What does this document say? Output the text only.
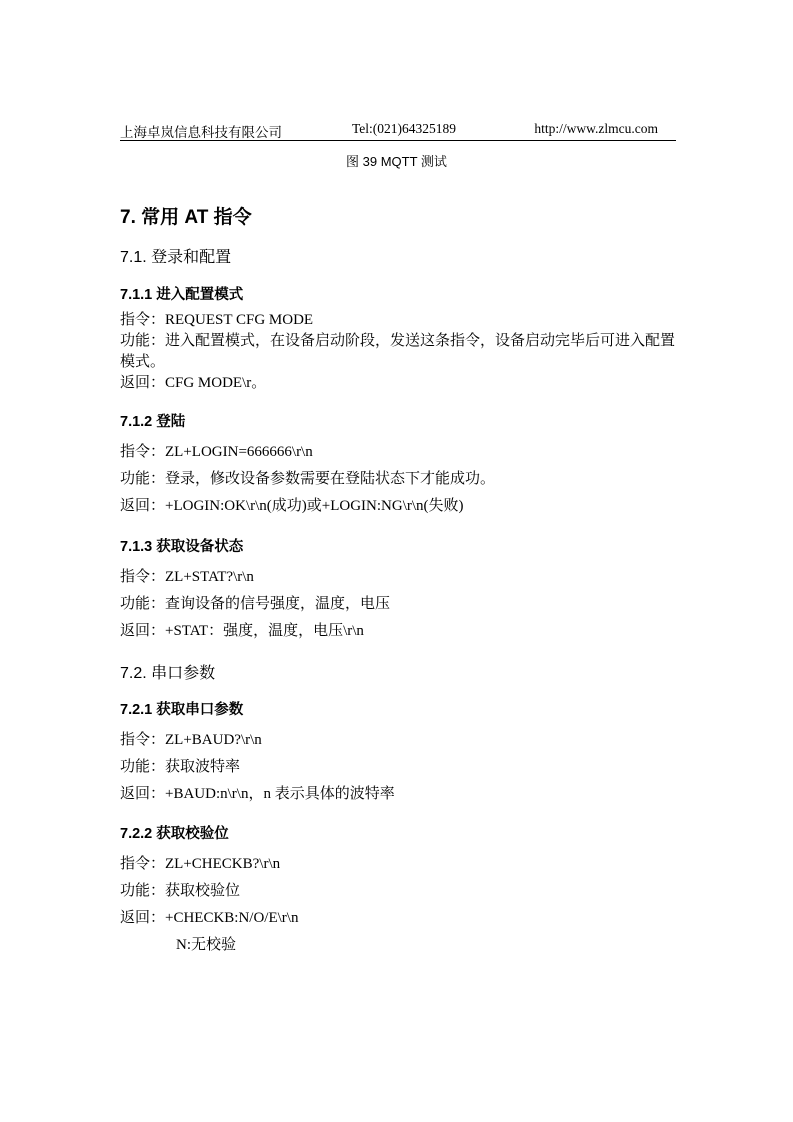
上海卓岚信息科技有限公司	Tel:(021)64325189	http://www.zlmcu.com
图 39 MQTT 测试
7. 常用 AT 指令
7.1. 登录和配置
7.1.1 进入配置模式
指令：REQUEST CFG MODE
功能：进入配置模式，在设备启动阶段，发送这条指令，设备启动完毕后可进入配置模式。
返回：CFG MODE\r。
7.1.2 登陆
指令：ZL+LOGIN=666666\r\n
功能：登录，修改设备参数需要在登陆状态下才能成功。
返回：+LOGIN:OK\r\n(成功)或+LOGIN:NG\r\n(失败)
7.1.3 获取设备状态
指令：ZL+STAT?\r\n
功能：查询设备的信号强度，温度，电压
返回：+STAT：强度，温度，电压\r\n
7.2. 串口参数
7.2.1 获取串口参数
指令：ZL+BAUD?\r\n
功能：获取波特率
返回：+BAUD:n\r\n，n 表示具体的波特率
7.2.2 获取校验位
指令：ZL+CHECKB?\r\n
功能：获取校验位
返回：+CHECKB:N/O/E\r\n
N:无校验
